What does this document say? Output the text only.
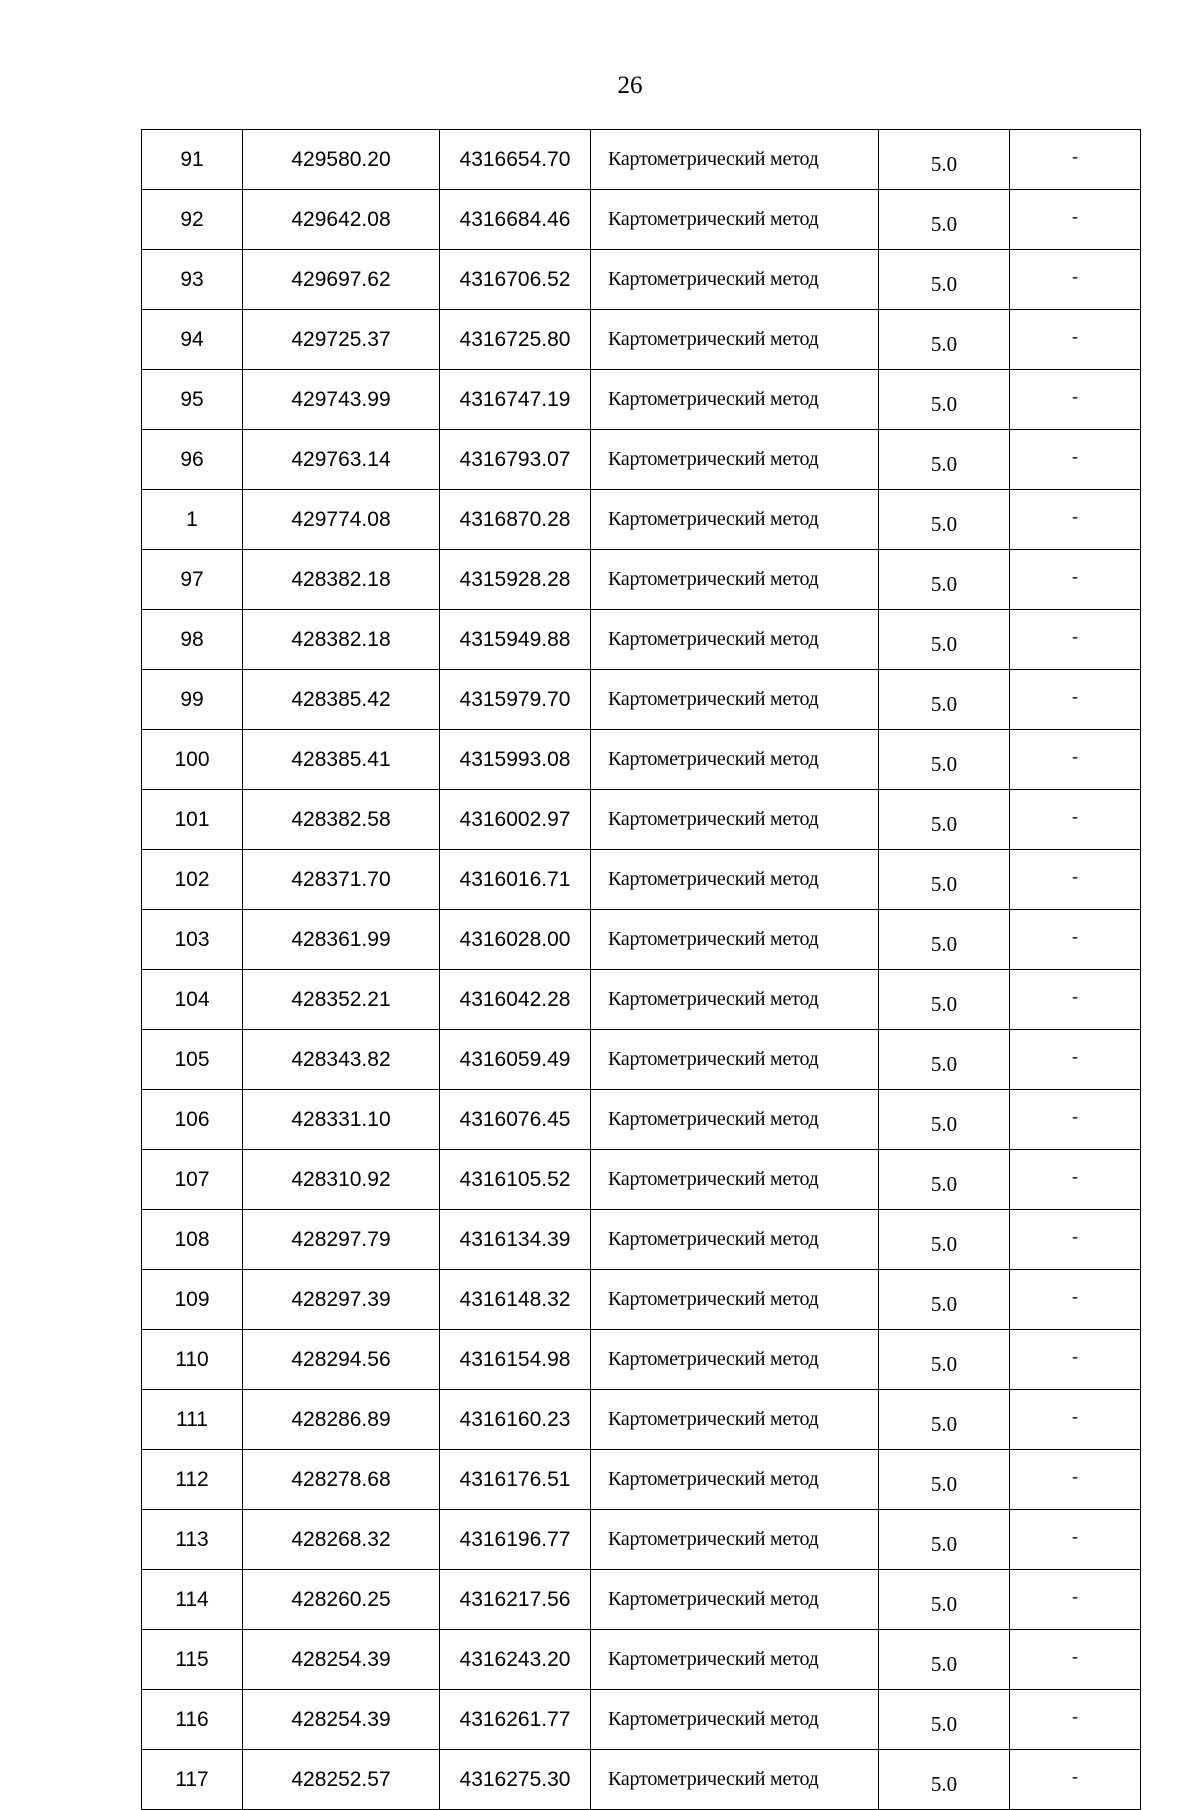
26
91	429580.20	4316654.70	Картометрический метод	5.0	-
92	429642.08	4316684.46	Картометрический метод	5.0	-
93	429697.62	4316706.52	Картометрический метод	5.0	-
94	429725.37	4316725.80	Картометрический метод	5.0	-
95	429743.99	4316747.19	Картометрический метод	5.0	-
96	429763.14	4316793.07	Картометрический метод	5.0	-
1	429774.08	4316870.28	Картометрический метод	5.0	-
97	428382.18	4315928.28	Картометрический метод	5.0	-
98	428382.18	4315949.88	Картометрический метод	5.0	-
99	428385.42	4315979.70	Картометрический метод	5.0	-
100	428385.41	4315993.08	Картометрический метод	5.0	-
101	428382.58	4316002.97	Картометрический метод	5.0	-
102	428371.70	4316016.71	Картометрический метод	5.0	-
103	428361.99	4316028.00	Картометрический метод	5.0	-
104	428352.21	4316042.28	Картометрический метод	5.0	-
105	428343.82	4316059.49	Картометрический метод	5.0	-
106	428331.10	4316076.45	Картометрический метод	5.0	-
107	428310.92	4316105.52	Картометрический метод	5.0	-
108	428297.79	4316134.39	Картометрический метод	5.0	-
109	428297.39	4316148.32	Картометрический метод	5.0	-
110	428294.56	4316154.98	Картометрический метод	5.0	-
111	428286.89	4316160.23	Картометрический метод	5.0	-
112	428278.68	4316176.51	Картометрический метод	5.0	-
113	428268.32	4316196.77	Картометрический метод	5.0	-
114	428260.25	4316217.56	Картометрический метод	5.0	-
115	428254.39	4316243.20	Картометрический метод	5.0	-
116	428254.39	4316261.77	Картометрический метод	5.0	-
117	428252.57	4316275.30	Картометрический метод	5.0	-
